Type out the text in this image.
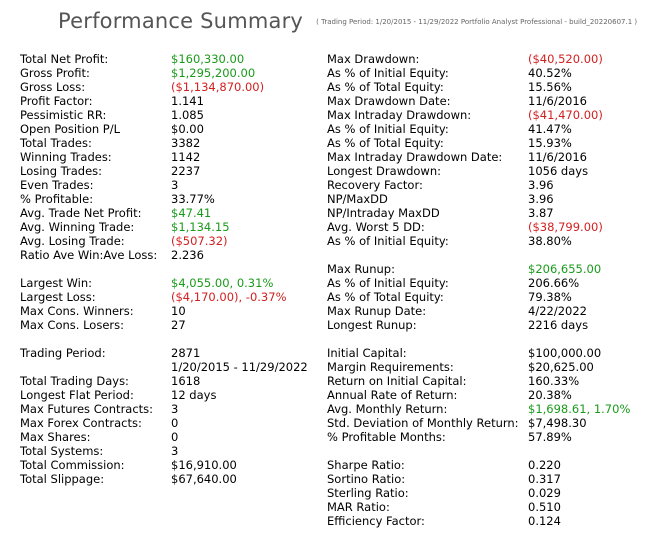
Performance Summary $^{( Trading Period: 1/20/2015 - 11/29/2022 Portfolio Analyst Professional - build\_20220607.1 )}$
Total Net Profit:	$160,330.00
Gross Profit:	$1,295,200.00
Gross Loss:	($1,134,870.00)
Profit Factor:	1.141
Pessimistic RR:	1.085
Open Position P/L	$0.00
Total Trades:	3382
Winning Trades:	1142
Losing Trades:	2237
Even Trades:	3
% Profitable:	33.77%
Avg. Trade Net Profit:	$47.41
Avg. Winning Trade:	$1,134.15
Avg. Losing Trade:	($507.32)
Ratio Ave Win:Ave Loss: 2.236
Largest Win:	$4,055.00, 0.31%
Largest Loss:	($4,170.00), -0.37%
Max Cons. Winners:	10
Max Cons. Losers:	27
Trading Period:	2871
1/20/2015 - 11/29/2022
Total Trading Days:	1618
Longest Flat Period:	12 days
Max Futures Contracts: 3
Max Forex Contracts:	0
Max Shares:	0
Total Systems:	3
Total Commission:	$16,910.00
Total Slippage:	$67,640.00
Max Drawdown:	($40,520.00)
As % of Initial Equity:	40.52%
As % of Total Equity:	15.56%
Max Drawdown Date:	11/6/2016
Max Intraday Drawdown:	($41,470.00)
As % of Initial Equity:	41.47%
As % of Total Equity:	15.93%
Max Intraday Drawdown Date: 11/6/2016
Longest Drawdown:	1056 days
Recovery Factor:	3.96
NP/MaxDD	3.96
NP/Intraday MaxDD	3.87
Avg. Worst 5 DD:	($38,799.00)
As % of Initial Equity:	38.80%
Max Runup:	$206,655.00
As % of Initial Equity:	206.66%
As % of Total Equity:	79.38%
Max Runup Date:	4/22/2022
Longest Runup:	2216 days
Initial Capital:	$100,000.00
Margin Requirements:	$20,625.00
Return on Initial Capital:	160.33%
Annual Rate of Return:	20.38%
Avg. Monthly Return:	$1,698.61, 1.70%
Std. Deviation of Monthly Return: $7,498.30
% Profitable Months:	57.89%
Sharpe Ratio:	0.220
Sortino Ratio:	0.317
Sterling Ratio:	0.029
MAR Ratio:	0.510
Efficiency Factor:	0.124
